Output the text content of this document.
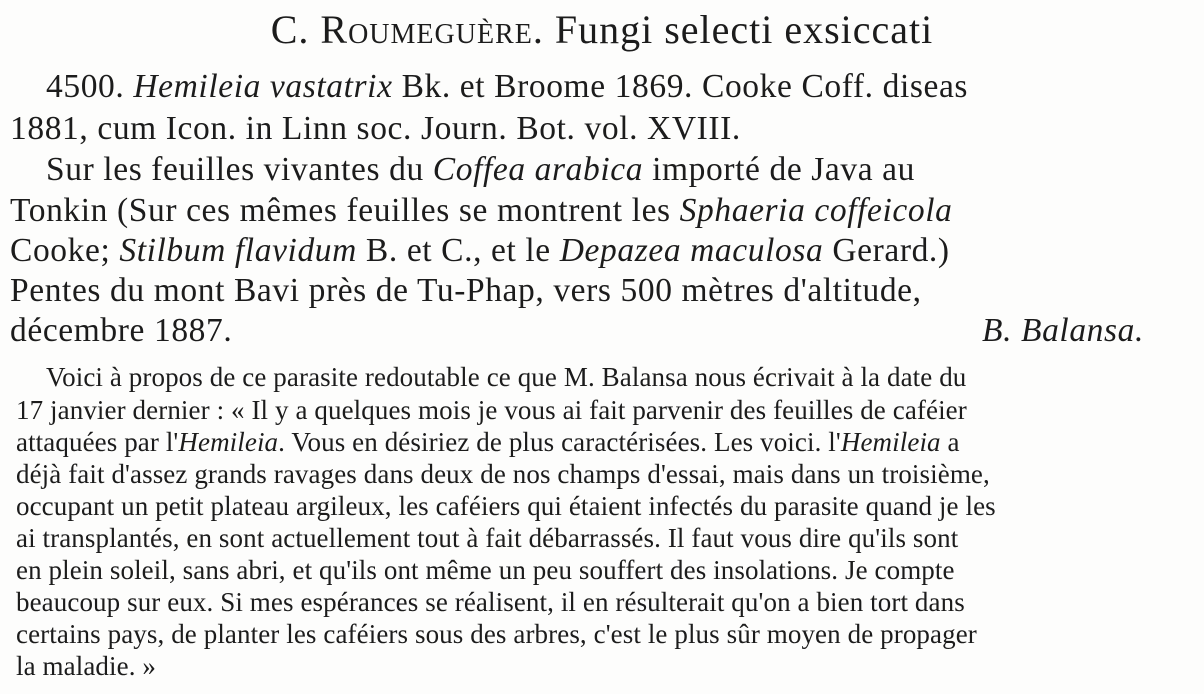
C. Roumeguère. Fungi selecti exsiccati
4500. Hemileia vastatrix Bk. et Broome 1869. Cooke Coff. diseas
1881, cum Icon. in Linn soc. Journ. Bot. vol. XVIII.
Sur les feuilles vivantes du Coffea arabica importé de Java au
Tonkin (Sur ces mêmes feuilles se montrent les Sphaeria coffeicola
Cooke; Stilbum flavidum B. et C., et le Depazea maculosa Gerard.)
Pentes du mont Bavi près de Tu-Phap, vers 500 mètres d'altitude,
décembre 1887.	B. Balansa.
Voici à propos de ce parasite redoutable ce que M. Balansa nous écrivait à la date du
17 janvier dernier : « Il y a quelques mois je vous ai fait parvenir des feuilles de caféier
attaquées par l'Hemileia. Vous en désiriez de plus caractérisées. Les voici. l'Hemileia a
déjà fait d'assez grands ravages dans deux de nos champs d'essai, mais dans un troisième,
occupant un petit plateau argileux, les caféiers qui étaient infectés du parasite quand je les
ai transplantés, en sont actuellement tout à fait débarrassés. Il faut vous dire qu'ils sont
en plein soleil, sans abri, et qu'ils ont même un peu souffert des insolations. Je compte
beaucoup sur eux. Si mes espérances se réalisent, il en résulterait qu'on a bien tort dans
certains pays, de planter les caféiers sous des arbres, c'est le plus sûr moyen de propager
la maladie. »
